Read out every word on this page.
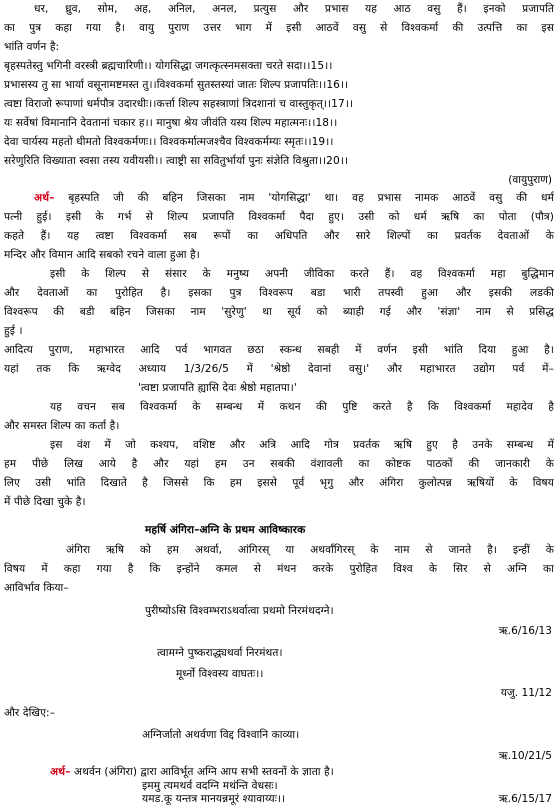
धर, ध्रुव, सोम, अह, अनिल, अनल, प्रत्युस और प्रभास यह आठ वसु हैं। इनको प्रजापति
का पुत्र कहा गया है। वायु पुराण उत्तर भाग में इसी आठवें वसु से विश्वकर्मा की उत्पत्ति का इस
भांति वर्णन है:
बृहस्पतेस्तु भगिनी वरस्त्री ब्रह्मचारिणी।। योगसिद्धा जगत्कृत्स्नमसक्ता चरते सदा।।15।।
प्रभासस्य तु सा भार्या वसूनामष्टमस्त तु।।विश्वकर्मा सुतस्तस्यां जातः शिल्प प्रजापतिः।।16।।
त्वष्टा विराजो रूपाणां धर्मपौत्र उदारधीः।।कर्त्ता शिल्प सहस्त्राणां त्रिदशानां च वास्तुकृत्।।17।।
यः सर्वेषां विमानानि देवतानां चकार ह।। मानुषा श्रेय जीवंति यस्य शिल्प महात्मनः।।18।।
देवा चार्यस्य महतो धीमतो विश्वकर्मणः।। विश्वकर्मात्मजश्चैव विश्वकर्मम्यः स्मृतः।।19।।
सरेणुरिति विख्याता स्वसा तस्य यवीयसी।। त्वाष्ट्री सा सवितुर्भार्या पुनः संज्ञेति विश्रुता।।20।।
(वायुपुराण)
अर्थ– बृहस्पति जी की बहिन जिसका नाम 'योगसिद्धा' था। वह प्रभास नामक आठवें वसु की धर्म
पत्नी हुई। इसी के गर्भ से शिल्प प्रजापति विश्वकर्मा पैदा हुए। उसी को धर्म ऋषि का पोता (पौत्र)
कहते हैं। यह त्वष्टा विश्वकर्मा सब रूपों का अधिपति और सारे शिल्पों का प्रवर्तक देवताओं के
मन्दिर और विमान आदि सबको रचने वाला हुआ है।
इसी के शिल्प से संसार के मनुष्य अपनी जीविका करते हैं। वह विश्वकर्मा महा बुद्धिमान
और देवताओं का पुरोहित है। इसका पुत्र विश्वरूप बडा भारी तपस्वी हुआ और इसकी लडकी
विश्वरूप की बडी बहिन जिसका नाम 'सुरेणु' था सूर्य को ब्याही गई और 'संज्ञा' नाम से प्रसिद्ध
हुई ।
आदित्य पुराण, महाभारत आदि पर्व भागवत छठा स्कन्ध सबही में वर्णन इसी भांति दिया हुआ है।
यहां तक कि ऋग्वेद अध्याय 1/3/26/5 में 'श्रेष्ठो देवानां वसु।' और महाभारत उद्योग पर्व में–
'त्वष्टा प्रजापति ह्यासि देवः श्रेष्ठो महातपा।'
यह वचन सब विश्वकर्मा के सम्बन्ध में कथन की पुष्टि करते है कि विश्वकर्मा महादेव है
और समस्त शिल्प का कर्ता है।
इस वंश में जो कश्यप, वशिष्ट और अत्रि आदि गोत्र प्रवर्तक ऋषि हुए है उनके सम्बन्ध में
हम पीछे लिख आये है और यहां हम उन सबकी वंशावली का कोष्टक पाठकों की जानकारी के
लिए उसी भांति दिखाते है जिससे कि हम इससे पूर्व भृगु और अंगिरा कुलोत्पन्न ऋषियों के विषय
में पीछे दिखा चुके है।
महर्षि अंगिरा–अग्नि के प्रथम आविष्कारक
अंगिरा ऋषि को हम अथर्वा, आंगिरस् या अथर्वांगिरस् के नाम से जानते है। इन्हीं के
विषय में कहा गया है कि इन्होंने कमल से मंथन करके पुरोहित विश्व के सिर से अग्नि का
आविर्भाव किया–
पुरीष्योऽसि विश्वम्भराऽथर्वात्वा प्रथमो निरमंथदग्ने।
ऋ.6/16/13
त्वामग्ने पुष्कराद्ध्यथर्वा निरमंथत।
मूर्ध्नो विश्वस्य वाघतः।।
यजु. 11/12
और देखिए:–
अग्निर्जातो अथर्वणा विद्द विश्वानि काव्या।
ऋ.10/21/5
अर्थ– अथर्वन (अंगिरा) द्वारा आविर्भूत अग्नि आप सभी स्तवनों के ज्ञाता है।
इममु त्यमथर्व वदग्नि मथंन्ति वेधसः।
यमड.कू यन्तत्र मानयन्नमूरं श्यावाय्यः।।	ऋ.6/15/17
